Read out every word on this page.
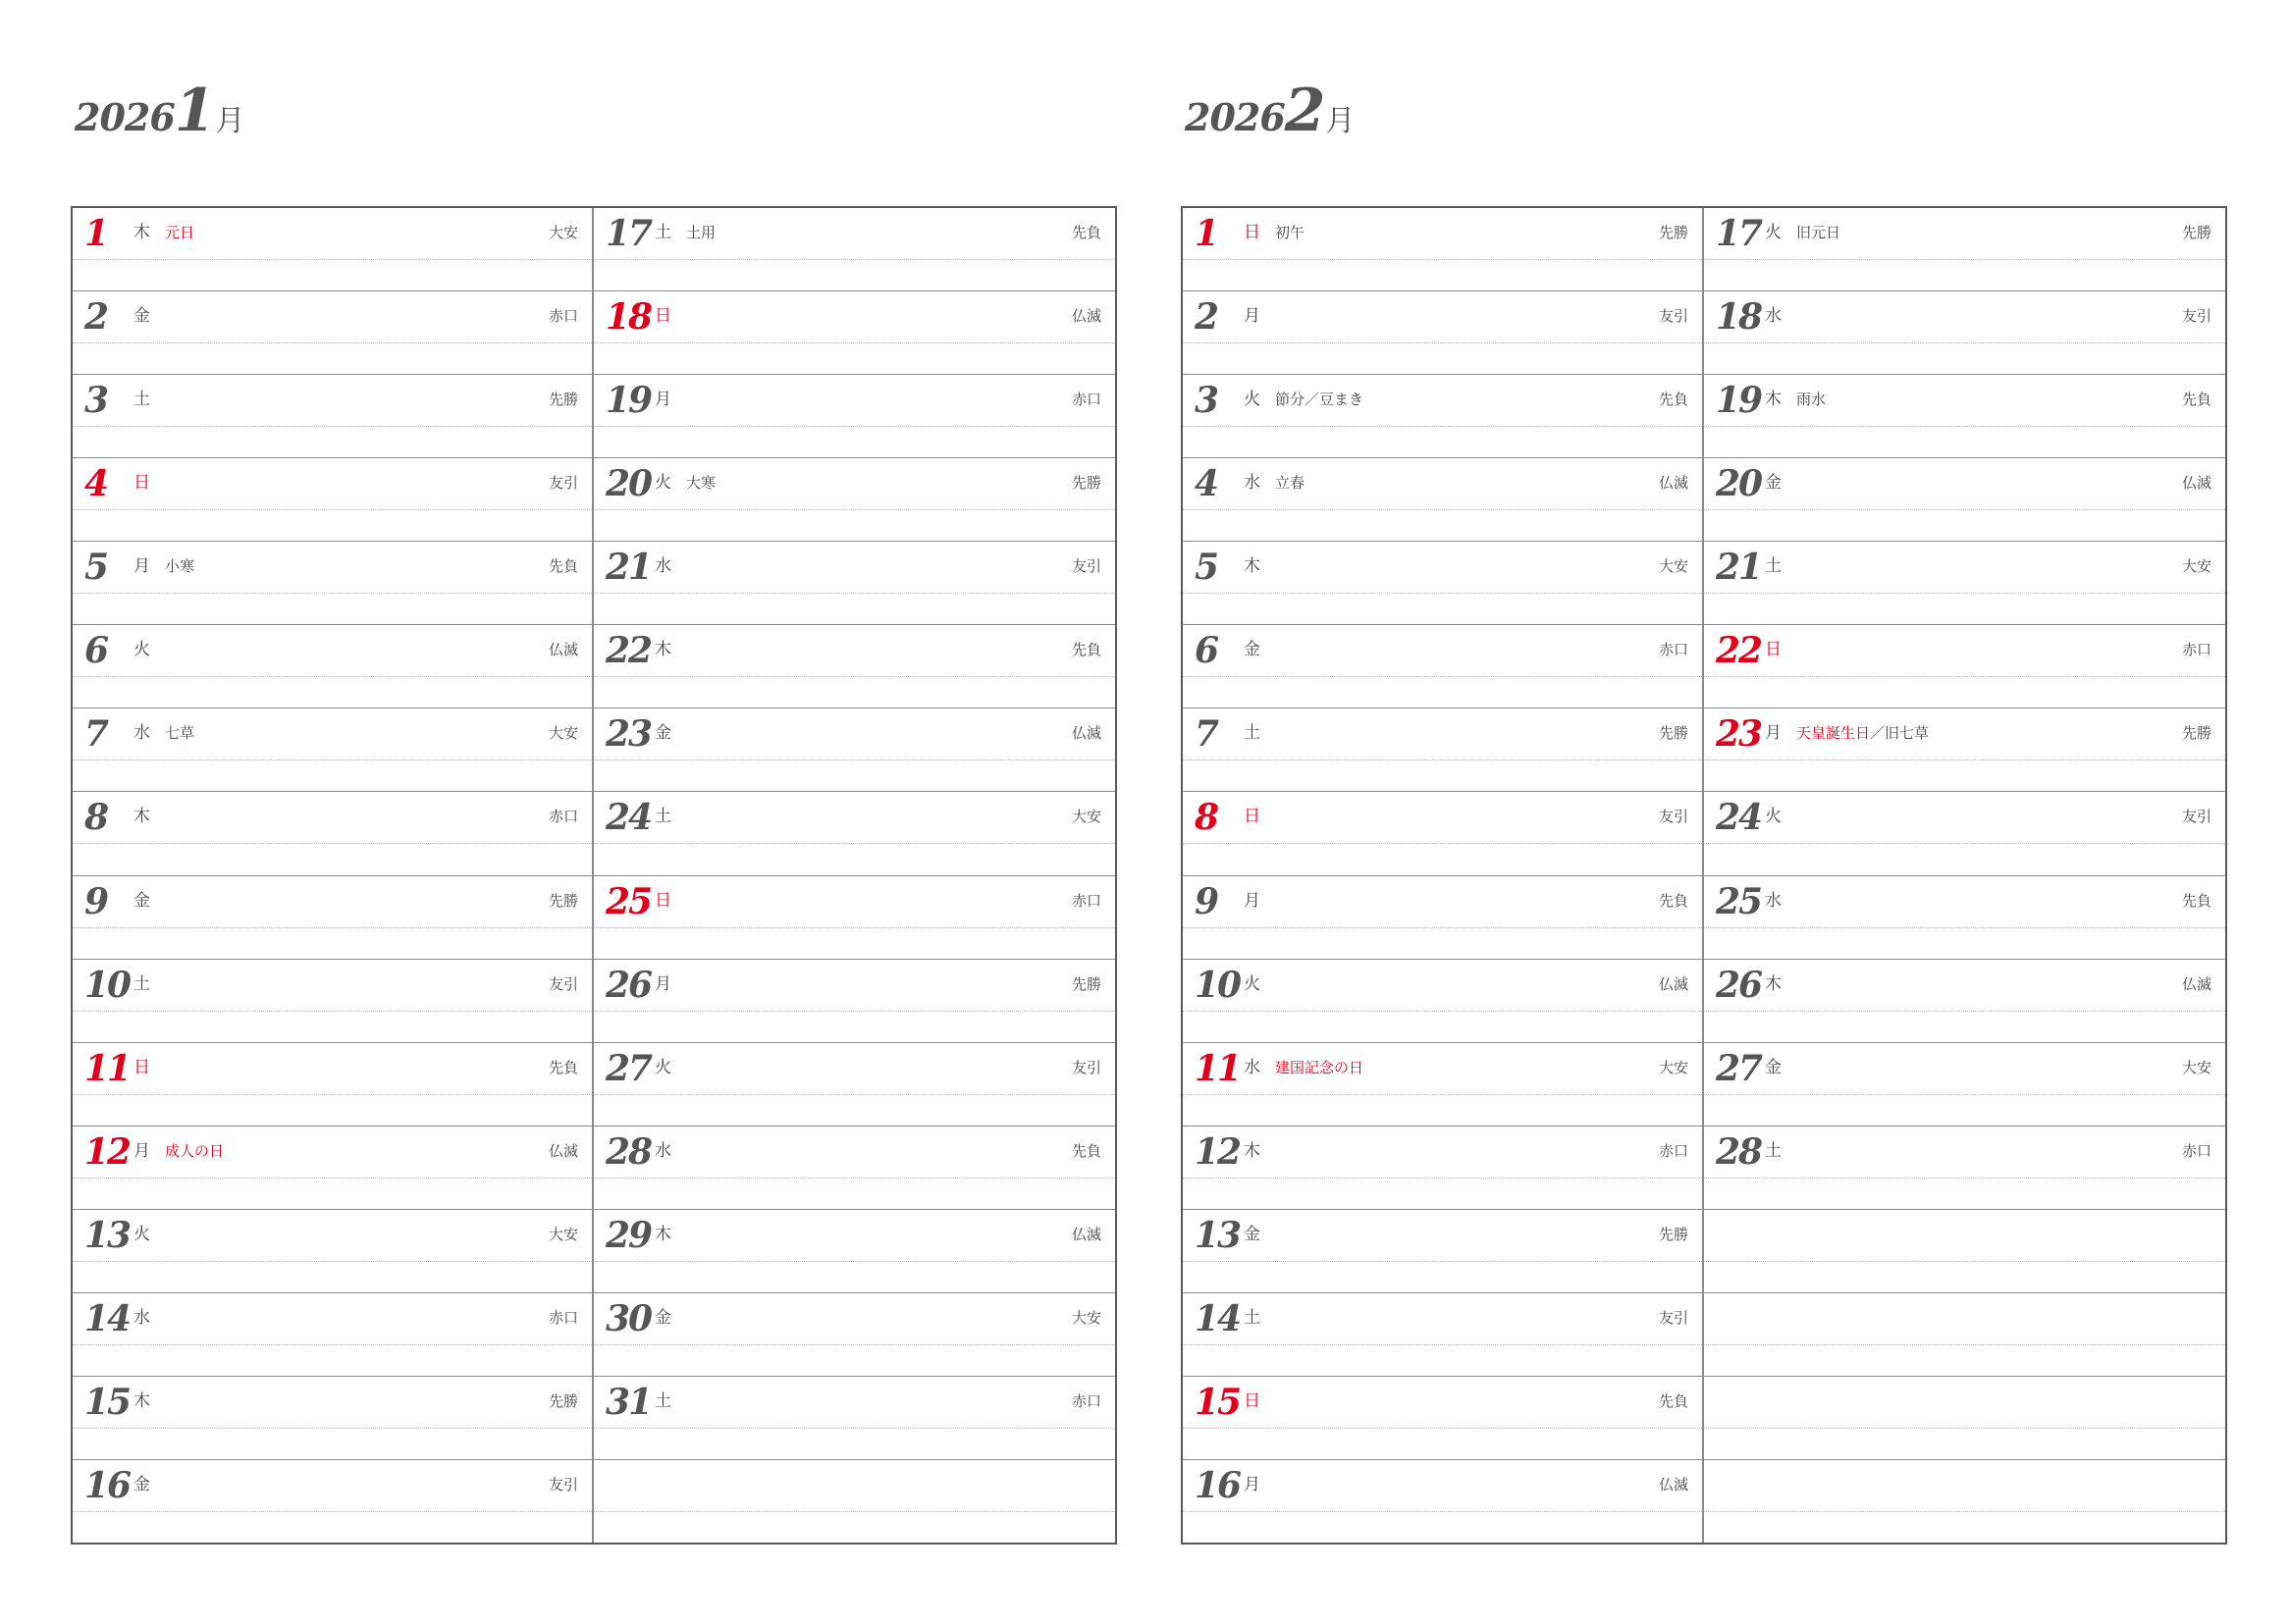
20261月
1 木 元日	大安
2 金	赤口
3 土	先勝
4 日	友引
5 月 小寒	先負
6 火	仏滅
7 水 七草	大安
8 木	赤口
9 金	先勝
10 土	友引
11 日	先負
12 月 成人の日	仏滅
13 火	大安
14 水	赤口
15 木	先勝
16 金	友引
17 土 土用	先負
18 日	仏滅
19 月	赤口
20 火 大寒	先勝
21 水	友引
22 木	先負
23 金	仏滅
24 土	大安
25 日	赤口
26 月	先勝
27 火	友引
28 水	先負
29 木	仏滅
30 金	大安
31 土	赤口
20262月
1 日 初午	先勝
2 月	友引
3 火 節分／豆まき	先負
4 水 立春	仏滅
5 木	大安
6 金	赤口
7 土	先勝
8 日	友引
9 月	先負
10 火	仏滅
11 水 建国記念の日	大安
12 木	赤口
13 金	先勝
14 土	友引
15 日	先負
16 月	仏滅
17 火 旧元日	先勝
18 水	友引
19 木 雨水	先負
20 金	仏滅
21 土	大安
22 日	赤口
23 月 天皇誕生日／旧七草	先勝
24 火	友引
25 水	先負
26 木	仏滅
27 金	大安
28 土	赤口
